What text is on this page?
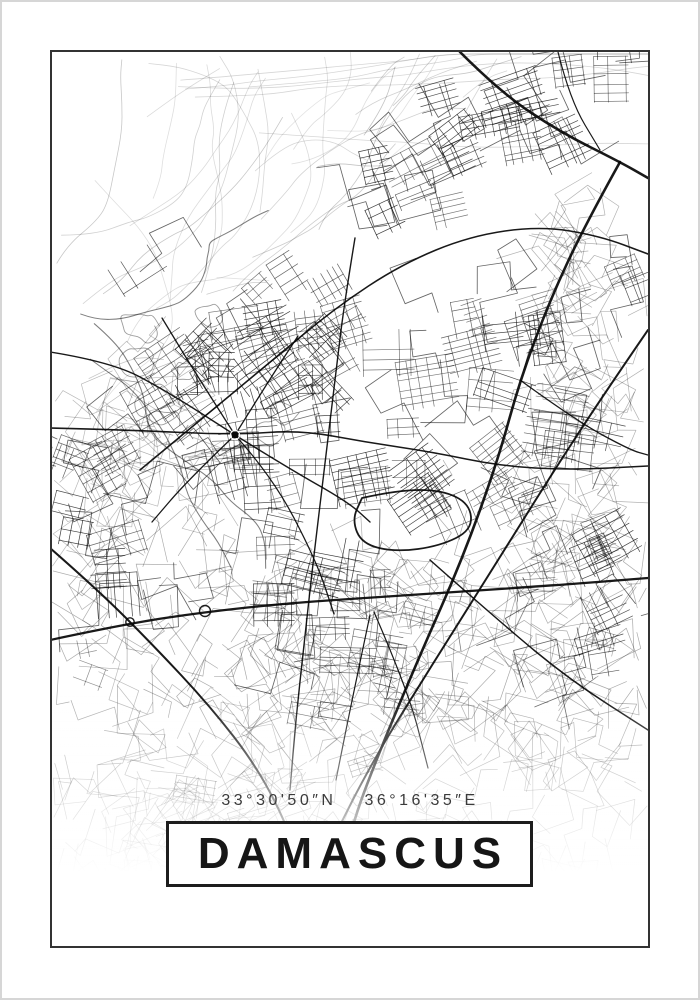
33°30'50″N 36°16'35″E
DAMASCUS
